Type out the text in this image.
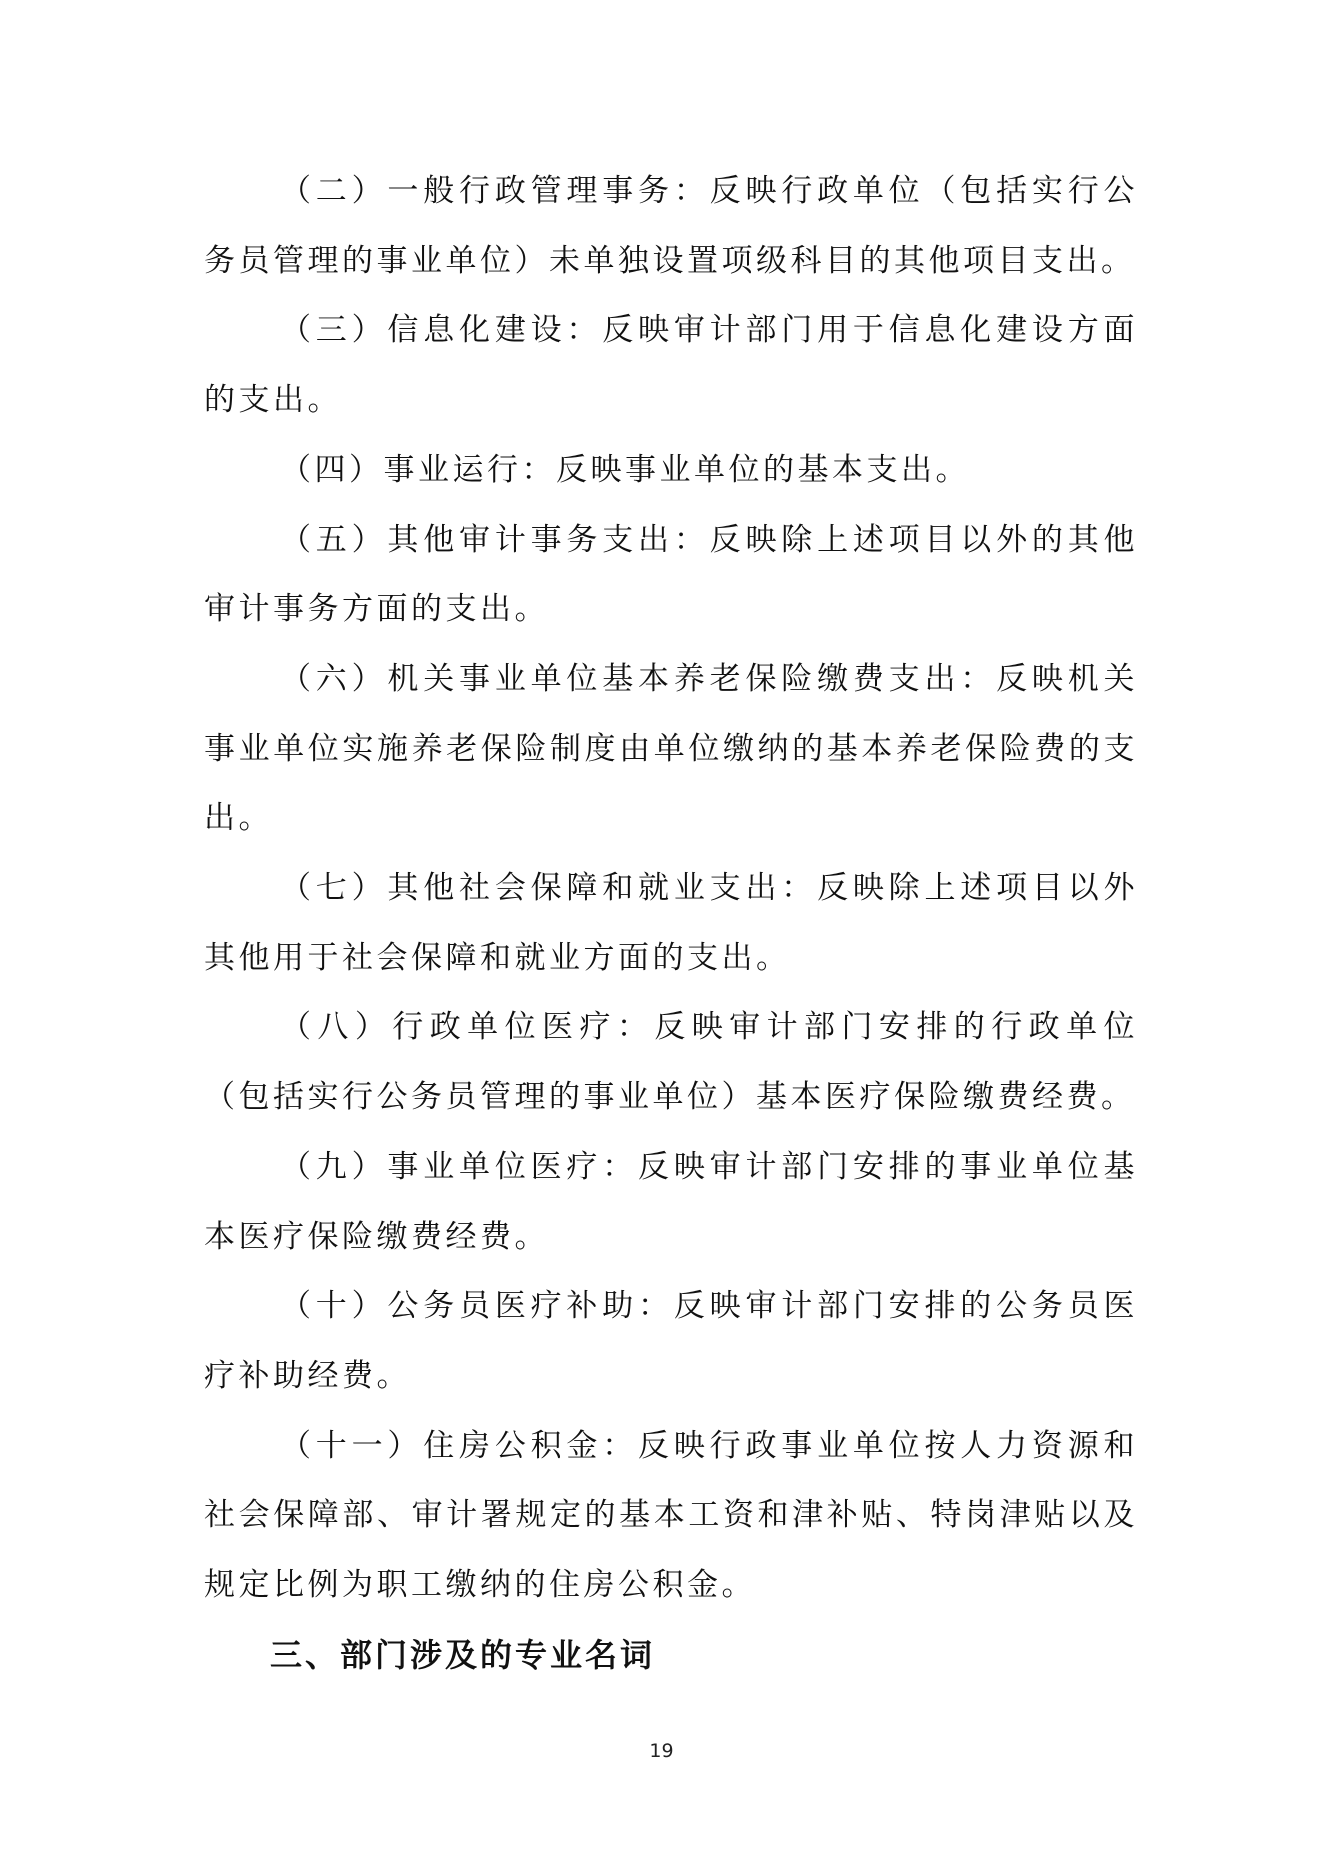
（二）一般行政管理事务：反映行政单位（包括实行公务员管理的事业单位）未单独设置项级科目的其他项目支出。

（三）信息化建设：反映审计部门用于信息化建设方面的支出。

（四）事业运行：反映事业单位的基本支出。

（五）其他审计事务支出：反映除上述项目以外的其他审计事务方面的支出。

（六）机关事业单位基本养老保险缴费支出：反映机关事业单位实施养老保险制度由单位缴纳的基本养老保险费的支出。

（七）其他社会保障和就业支出：反映除上述项目以外其他用于社会保障和就业方面的支出。

（八）行政单位医疗：反映审计部门安排的行政单位（包括实行公务员管理的事业单位）基本医疗保险缴费经费。

（九）事业单位医疗：反映审计部门安排的事业单位基本医疗保险缴费经费。

（十）公务员医疗补助：反映审计部门安排的公务员医疗补助经费。

（十一）住房公积金：反映行政事业单位按人力资源和社会保障部、审计署规定的基本工资和津补贴、特岗津贴以及规定比例为职工缴纳的住房公积金。

三、部门涉及的专业名词
19
